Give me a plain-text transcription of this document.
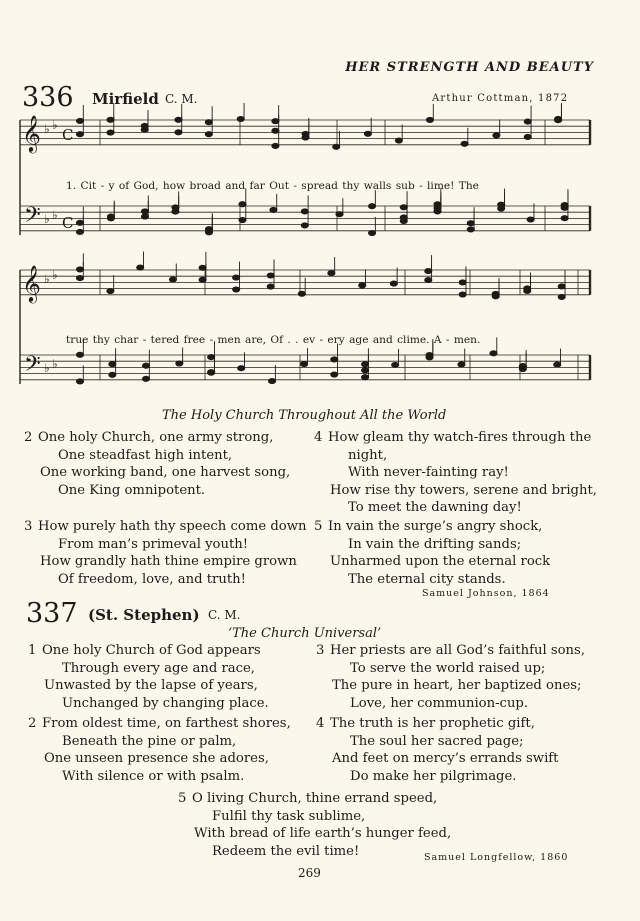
HER STRENGTH AND BEAUTY
336 Mirfield C. M.	Arthur Cottman, 1872
𝄞 ♭ ♭
𝄞 ♭ ♭
𝄢 ♭ ♭
𝄢 ♭ ♭
C
C
1. Cit - y of God, how broad and far Out - spread thy walls sub - lime! The
true thy char - tered free - men are, Of . . ev - ery age and clime. A - men.
The Holy Church Throughout All the World
2 One holy Church, one army strong,
One steadfast high intent,
One working band, one harvest song,
One King omnipotent.
3 How purely hath thy speech come down
From man’s primeval youth!
How grandly hath thine empire grown
Of freedom, love, and truth!
4 How gleam thy watch-fires through the
night,
With never-fainting ray!
How rise thy towers, serene and bright,
To meet the dawning day!
5 In vain the surge’s angry shock,
In vain the drifting sands;
Unharmed upon the eternal rock
The eternal city stands.
Samuel Johnson, 1864
337 (St. Stephen) C. M.
‘The Church Universal’
1 One holy Church of God appears
Through every age and race,
Unwasted by the lapse of years,
Unchanged by changing place.
2 From oldest time, on farthest shores,
Beneath the pine or palm,
One unseen presence she adores,
With silence or with psalm.
3 Her priests are all God’s faithful sons,
To serve the world raised up;
The pure in heart, her baptized ones;
Love, her communion-cup.
4 The truth is her prophetic gift,
The soul her sacred page;
And feet on mercy’s errands swift
Do make her pilgrimage.
5 O living Church, thine errand speed,
Fulfil thy task sublime,
With bread of life earth’s hunger feed,
Redeem the evil time!	Samuel Longfellow, 1860
269
